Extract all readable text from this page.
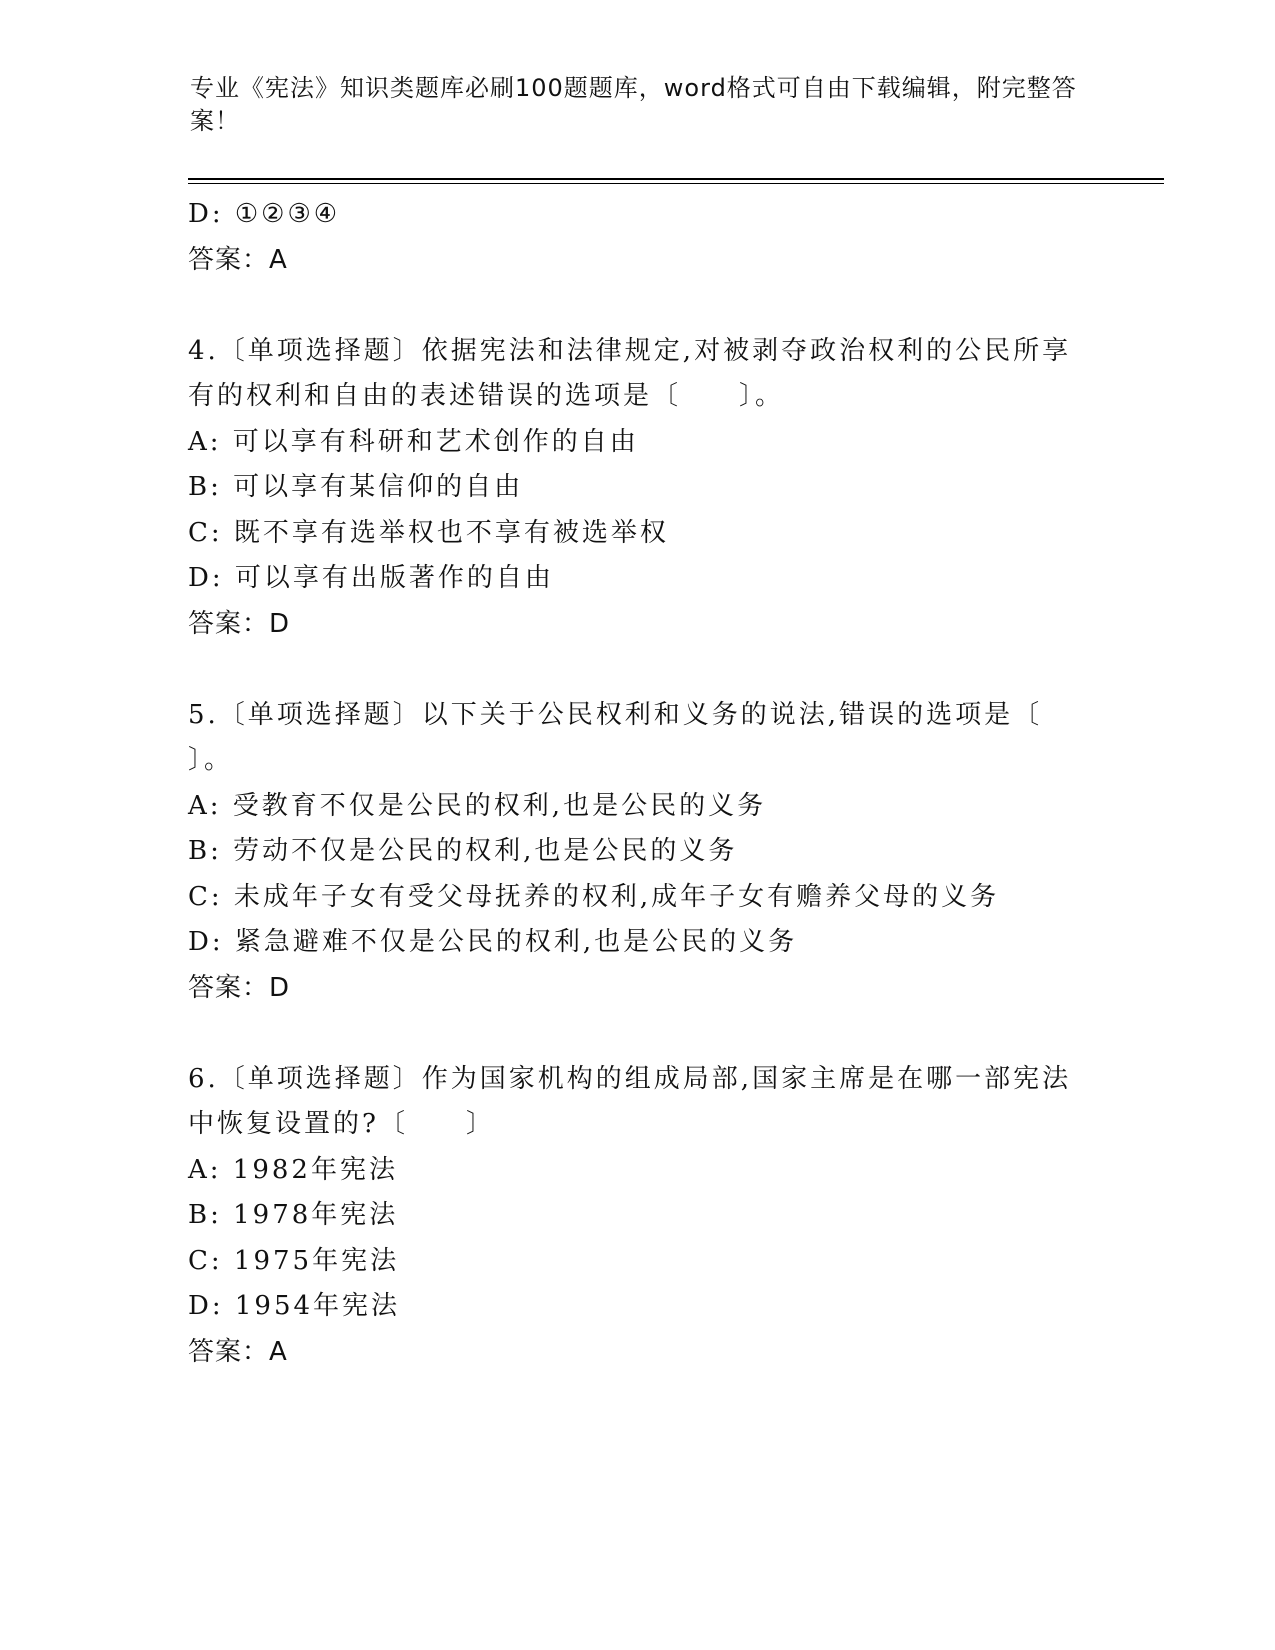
专业《宪法》知识类题库必刷100题题库，word格式可自由下载编辑，附完整答
案！
D: ①②③④
答案：A
4.〔单项选择题〕依据宪法和法律规定,对被剥夺政治权利的公民所享
有的权利和自由的表述错误的选项是〔　　〕。
A: 可以享有科研和艺术创作的自由
B: 可以享有某信仰的自由
C: 既不享有选举权也不享有被选举权
D: 可以享有出版著作的自由
答案：D
5.〔单项选择题〕以下关于公民权利和义务的说法,错误的选项是〔
〕。
A: 受教育不仅是公民的权利,也是公民的义务
B: 劳动不仅是公民的权利,也是公民的义务
C: 未成年子女有受父母抚养的权利,成年子女有赡养父母的义务
D: 紧急避难不仅是公民的权利,也是公民的义务
答案：D
6.〔单项选择题〕作为国家机构的组成局部,国家主席是在哪一部宪法
中恢复设置的?〔　　〕
A: 1982年宪法
B: 1978年宪法
C: 1975年宪法
D: 1954年宪法
答案：A
